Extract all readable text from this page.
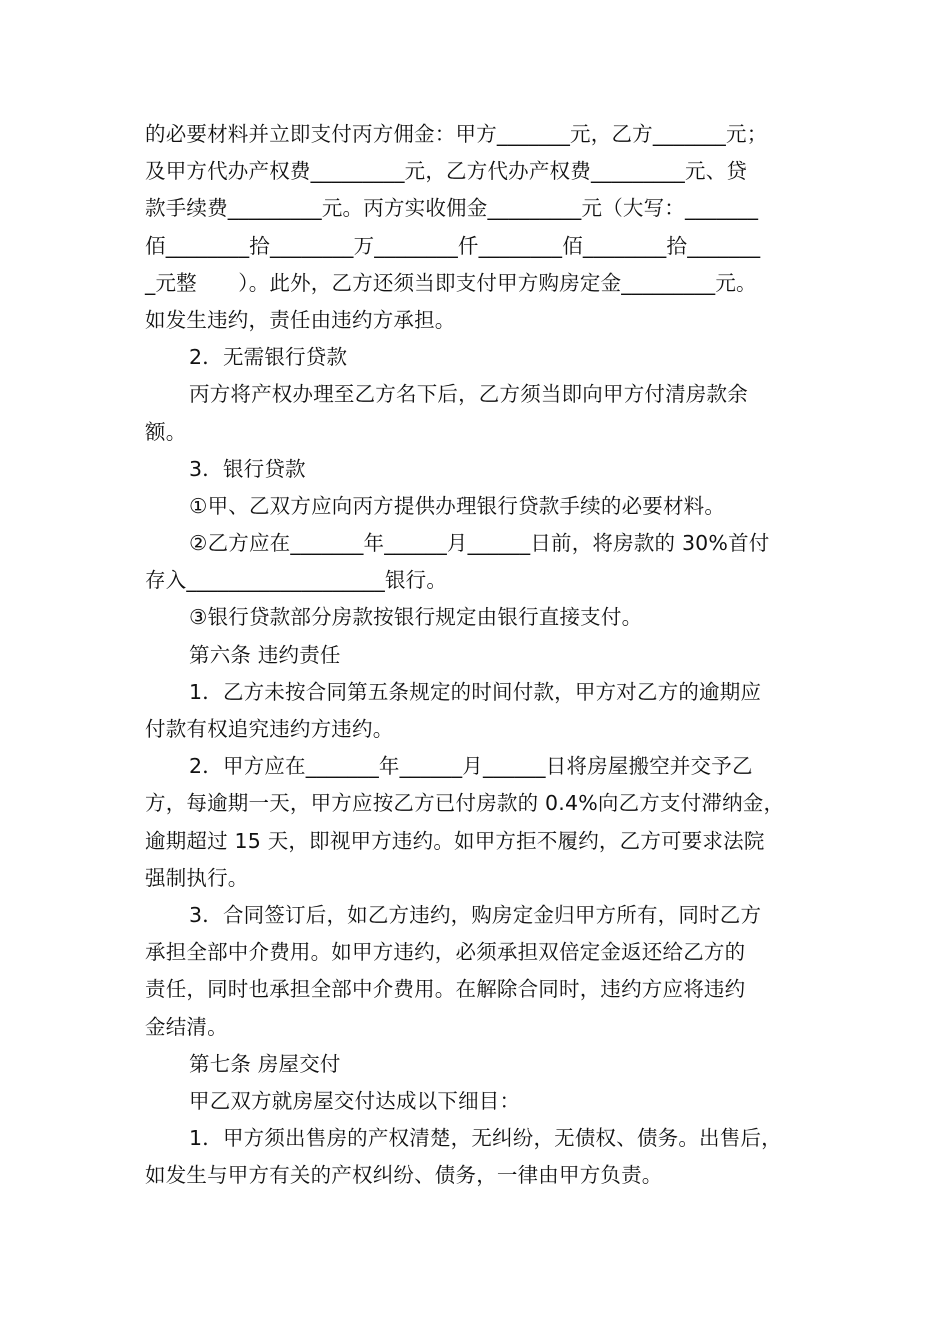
的必要材料并立即支付丙方佣金：甲方_______元，乙方_______元；
及甲方代办产权费_________元，乙方代办产权费_________元、贷
款手续费_________元。丙方实收佣金_________元（大写：_______
佰________拾________万________仟________佰________拾_______
_元整　　）。此外，乙方还须当即支付甲方购房定金_________元。
如发生违约，责任由违约方承担。
2．无需银行贷款
丙方将产权办理至乙方名下后，乙方须当即向甲方付清房款余
额。
3．银行贷款
①甲、乙双方应向丙方提供办理银行贷款手续的必要材料。
②乙方应在_______年______月______日前，将房款的 30%首付
存入___________________银行。
③银行贷款部分房款按银行规定由银行直接支付。
第六条 违约责任
1．乙方未按合同第五条规定的时间付款，甲方对乙方的逾期应
付款有权追究违约方违约。
2．甲方应在_______年______月______日将房屋搬空并交予乙
方，每逾期一天，甲方应按乙方已付房款的 0.4%向乙方支付滞纳金，
逾期超过 15 天，即视甲方违约。如甲方拒不履约，乙方可要求法院
强制执行。
3．合同签订后，如乙方违约，购房定金归甲方所有，同时乙方
承担全部中介费用。如甲方违约，必须承担双倍定金返还给乙方的
责任，同时也承担全部中介费用。在解除合同时，违约方应将违约
金结清。
第七条 房屋交付
甲乙双方就房屋交付达成以下细目：
1．甲方须出售房的产权清楚，无纠纷，无债权、债务。出售后，
如发生与甲方有关的产权纠纷、债务，一律由甲方负责。
